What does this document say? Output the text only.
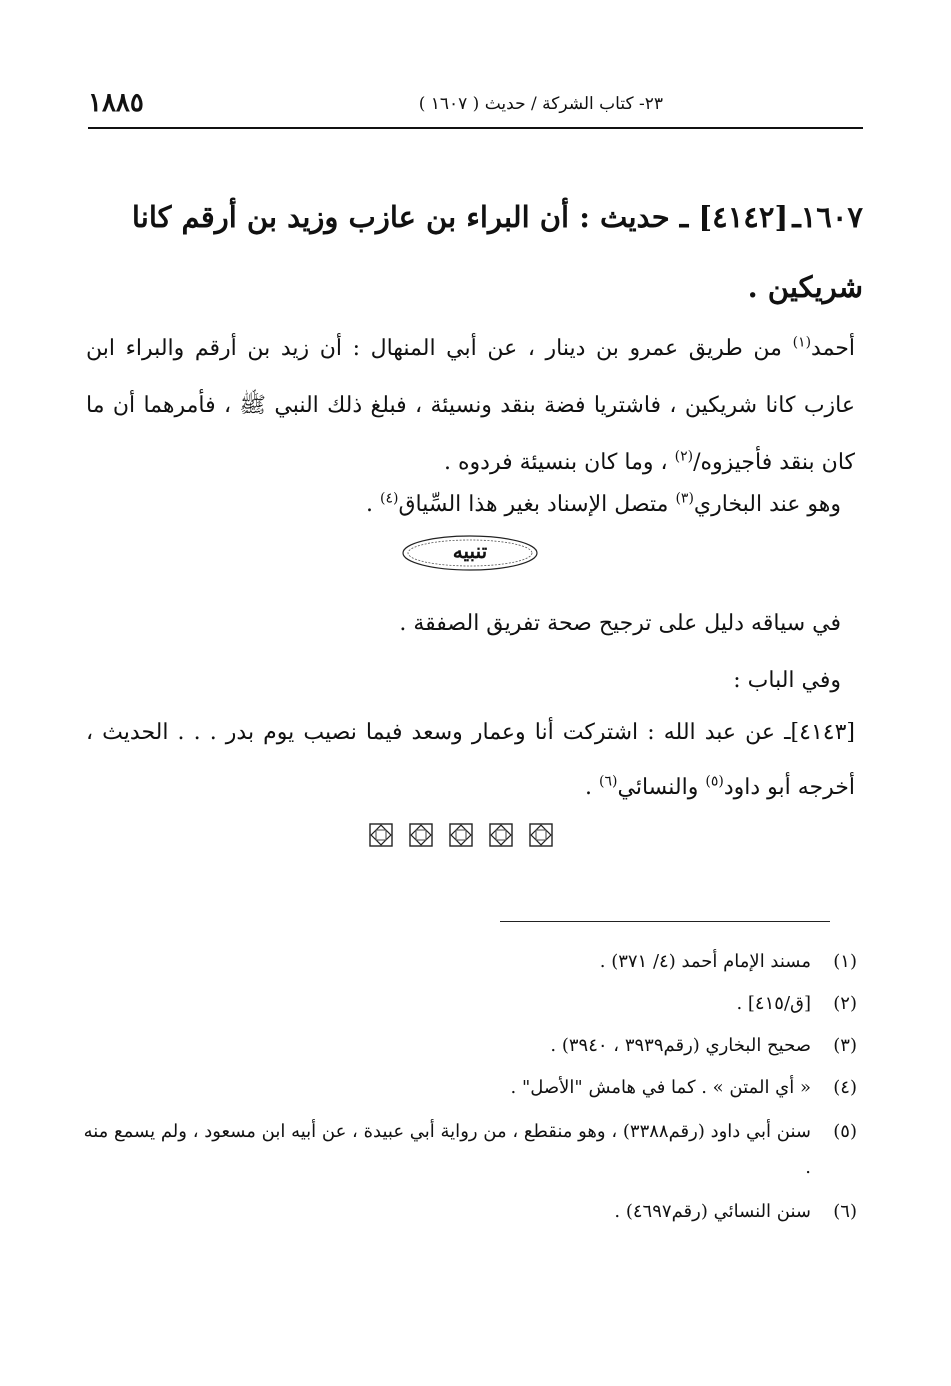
١٨٨٥	٢٣- كتاب الشركة / حديث ( ١٦٠٧ )
١٦٠٧ـ[٤١٤٢] ـ حديث : أن البراء بن عازب وزيد بن أرقم كانا
شريكين .
أحمد$^{(١)}$ من طريق عمرو بن دينار ، عن أبي المنهال : أن زيد بن أرقم والبراء ابن عازب كانا شريكين ، فاشتريا فضة بنقد ونسيئة ، فبلغ ذلك النبي ﷺ ، فأمرهما أن ما كان بنقد فأجيزوه/$^{(٢)}$ ، وما كان بنسيئة فردوه .
وهو عند البخاري$^{(٣)}$ متصل الإسناد بغير هذا السِّياق$^{(٤)}$ .
تنبيه
في سياقه دليل على ترجيح صحة تفريق الصفقة .
وفي الباب :
[٤١٤٣]ـ عن عبد الله : اشتركت أنا وعمار وسعد فيما نصيب يوم بدر . . . الحديث ، أخرجه أبو داود$^{(٥)}$ والنسائي$^{(٦)}$ .
(١)
مسند الإمام أحمد (٤/ ٣٧١) .
(٢)
[ق/٤١٥] .
(٣)
صحيح البخاري (رقم٣٩٣٩ ، ٣٩٤٠) .
(٤)
« أي المتن » . كما في هامش "الأصل" .
(٥)
سنن أبي داود (رقم٣٣٨٨) ، وهو منقطع ، من رواية أبي عبيدة ، عن أبيه ابن مسعود ، ولم يسمع منه .
(٦)
سنن النسائي (رقم٤٦٩٧) .
